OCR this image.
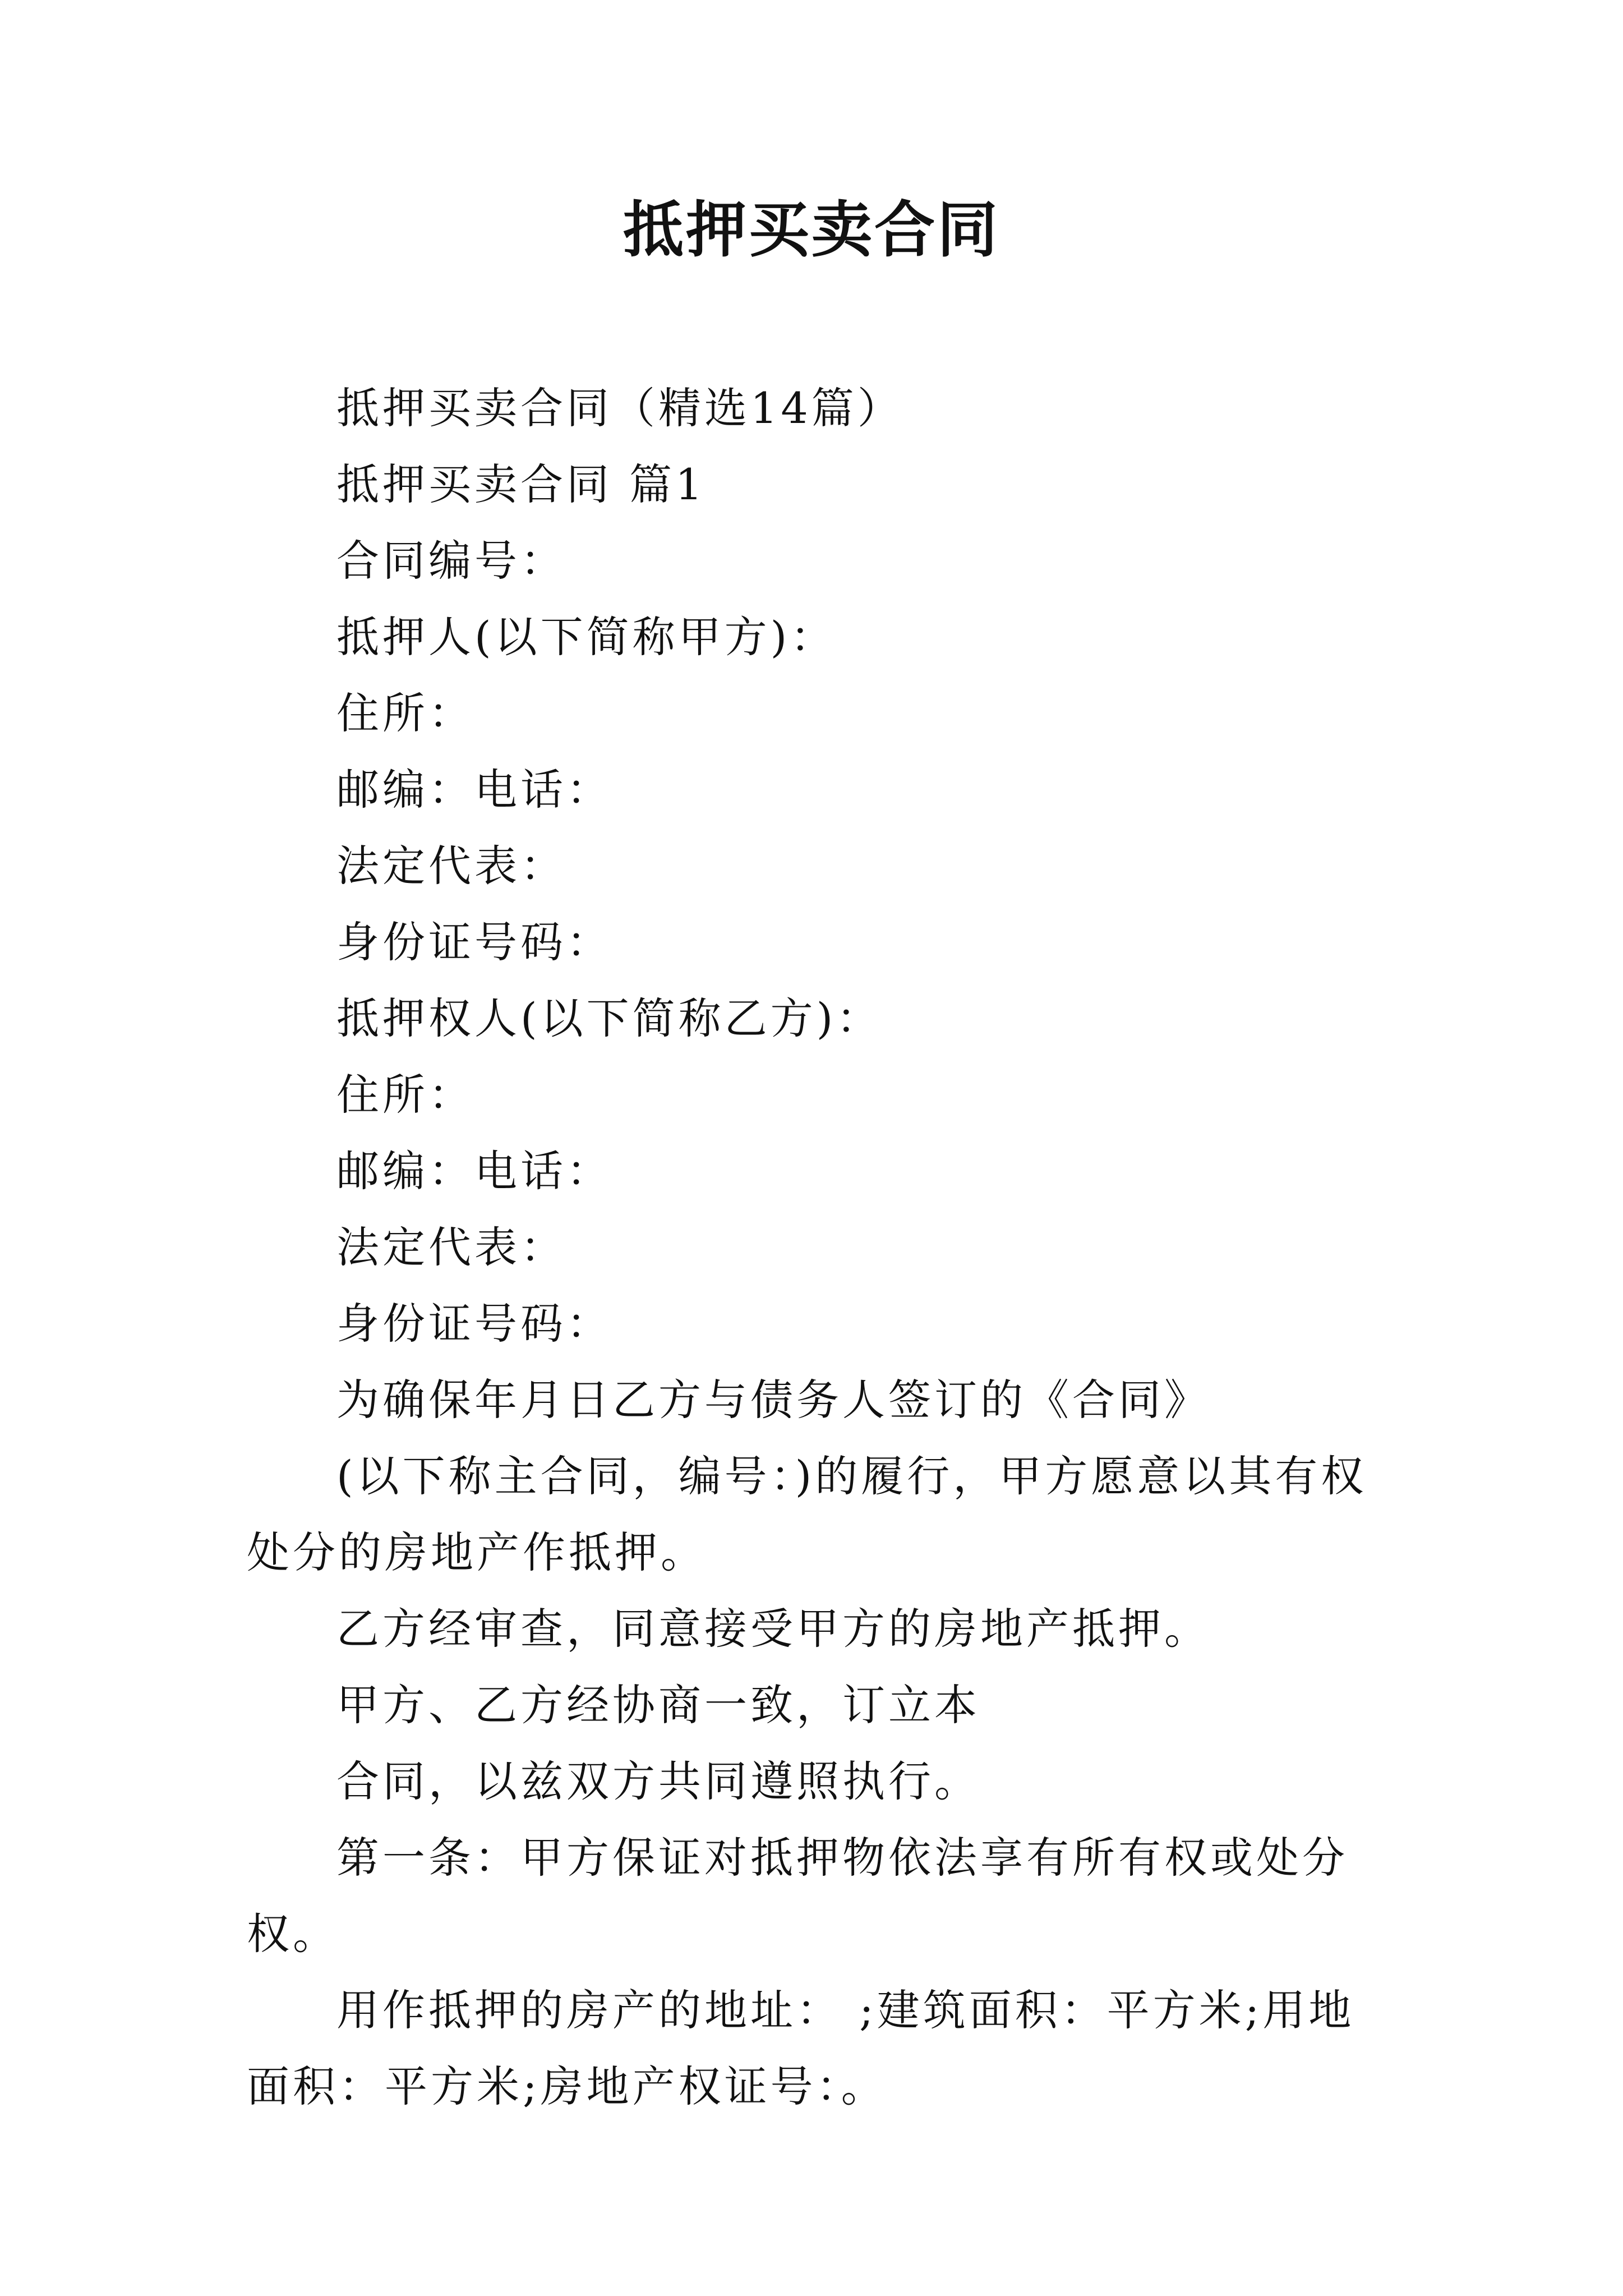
抵押买卖合同

抵押买卖合同（精选14篇）

抵押买卖合同 篇1

合同编号：

抵押人(以下简称甲方)：

住所：

邮编：电话：

法定代表：

身份证号码：

抵押权人(以下简称乙方)：

住所：

邮编：电话：

法定代表：

身份证号码：

为确保年月日乙方与债务人签订的《合同》

(以下称主合同，编号：)的履行，甲方愿意以其有权处分的房地产作抵押。

乙方经审查，同意接受甲方的房地产抵押。

甲方、乙方经协商一致，订立本

合同，以兹双方共同遵照执行。

第一条：甲方保证对抵押物依法享有所有权或处分权。

用作抵押的房产的地址： ;建筑面积：平方米;用地面积：平方米;房地产权证号：。
